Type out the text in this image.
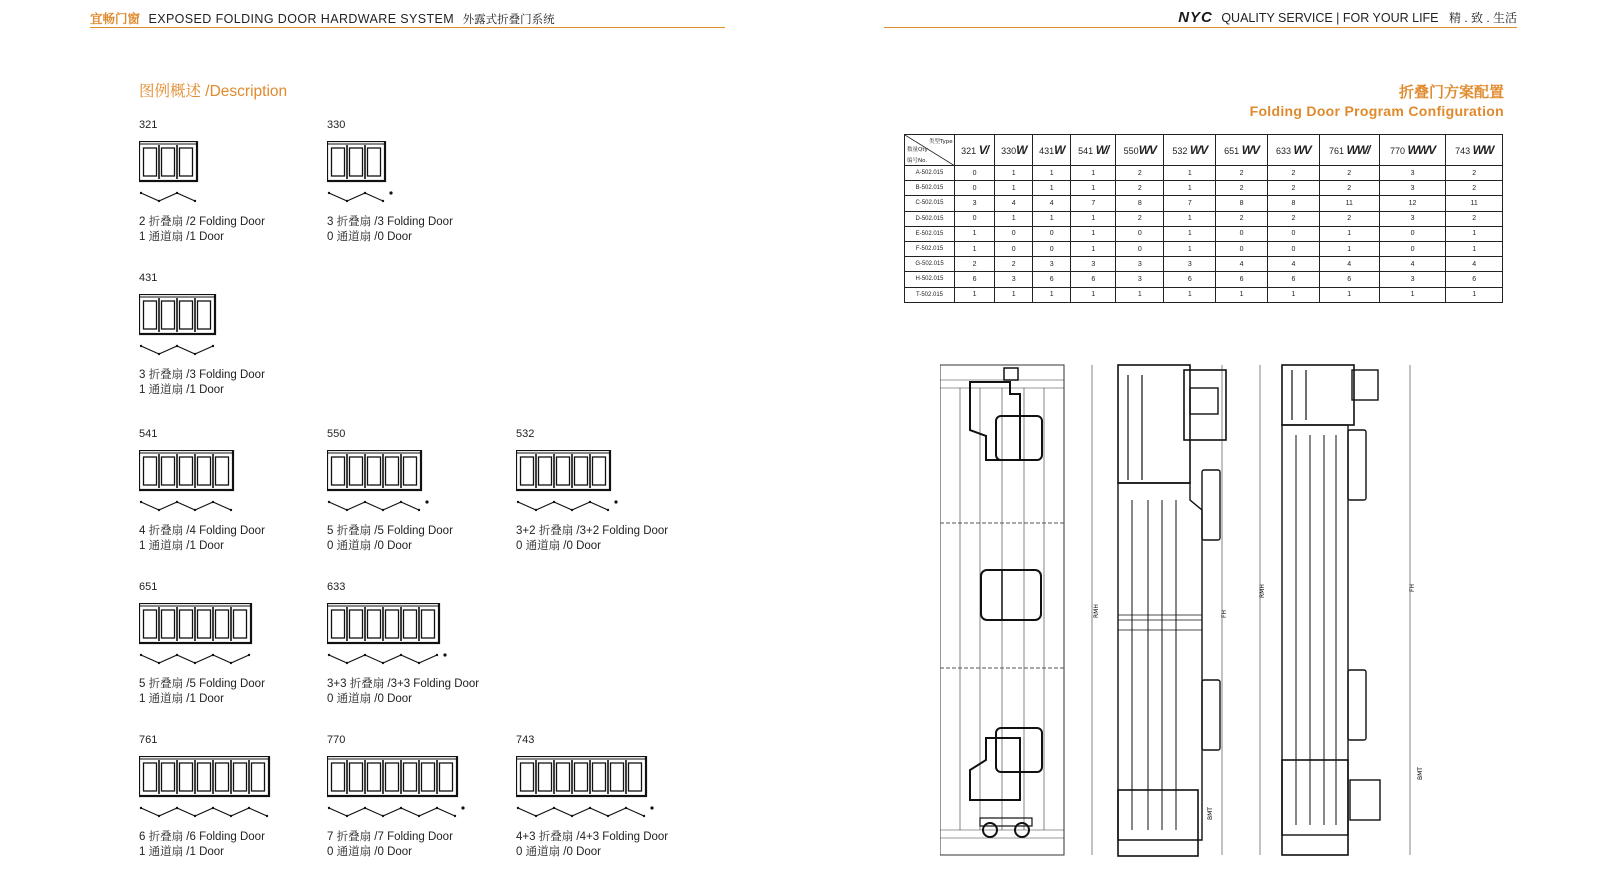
宜畅门窗 EXPOSED FOLDING DOOR HARDWARE SYSTEM 外露式折叠门系统	NYC QUALITY SERVICE | FOR YOUR LIFE 精 . 致 . 生活
图例概述 /Description	折叠门方案配置
Folding Door Program Configuration
321
2 折叠扇 /2 Folding Door
1 通道扇 /1 Door
330
3 折叠扇 /3 Folding Door
0 通道扇 /0 Door
431
3 折叠扇 /3 Folding Door
1 通道扇 /1 Door
541
4 折叠扇 /4 Folding Door
1 通道扇 /1 Door
550
5 折叠扇 /5 Folding Door
0 通道扇 /0 Door
532
3+2 折叠扇 /3+2 Folding Door
0 通道扇 /0 Door
651
5 折叠扇 /5 Folding Door
1 通道扇 /1 Door
633
3+3 折叠扇 /3+3 Folding Door
0 通道扇 /0 Door
761
6 折叠扇 /6 Folding Door
1 通道扇 /1 Door
770
7 折叠扇 /7 Folding Door
0 通道扇 /0 Door
743
4+3 折叠扇 /4+3 Folding Door
0 通道扇 /0 Door
类型Type
数量Qty
编号No.	321 V/	330W	431W	541 W/	550WV	532 WV	651 WV	633 WV	761 WW/	770 WWV	743 WW
A-502.015	0	1	1	1	2	1	2	2	2	3	2
B-502.015	0	1	1	1	2	1	2	2	2	3	2
C-502.015	3	4	4	7	8	7	8	8	11	12	11
D-502.015	0	1	1	1	2	1	2	2	2	3	2
E-502.015	1	0	0	1	0	1	0	0	1	0	1
F-502.015	1	0	0	1	0	1	0	0	1	0	1
G-502.015	2	2	3	3	3	3	4	4	4	4	4
H-502.015	6	3	6	6	3	6	6	6	6	3	6
T-502.015	1	1	1	1	1	1	1	1	1	1	1
RMH	FH
BMT
RMH	FH
BMT
